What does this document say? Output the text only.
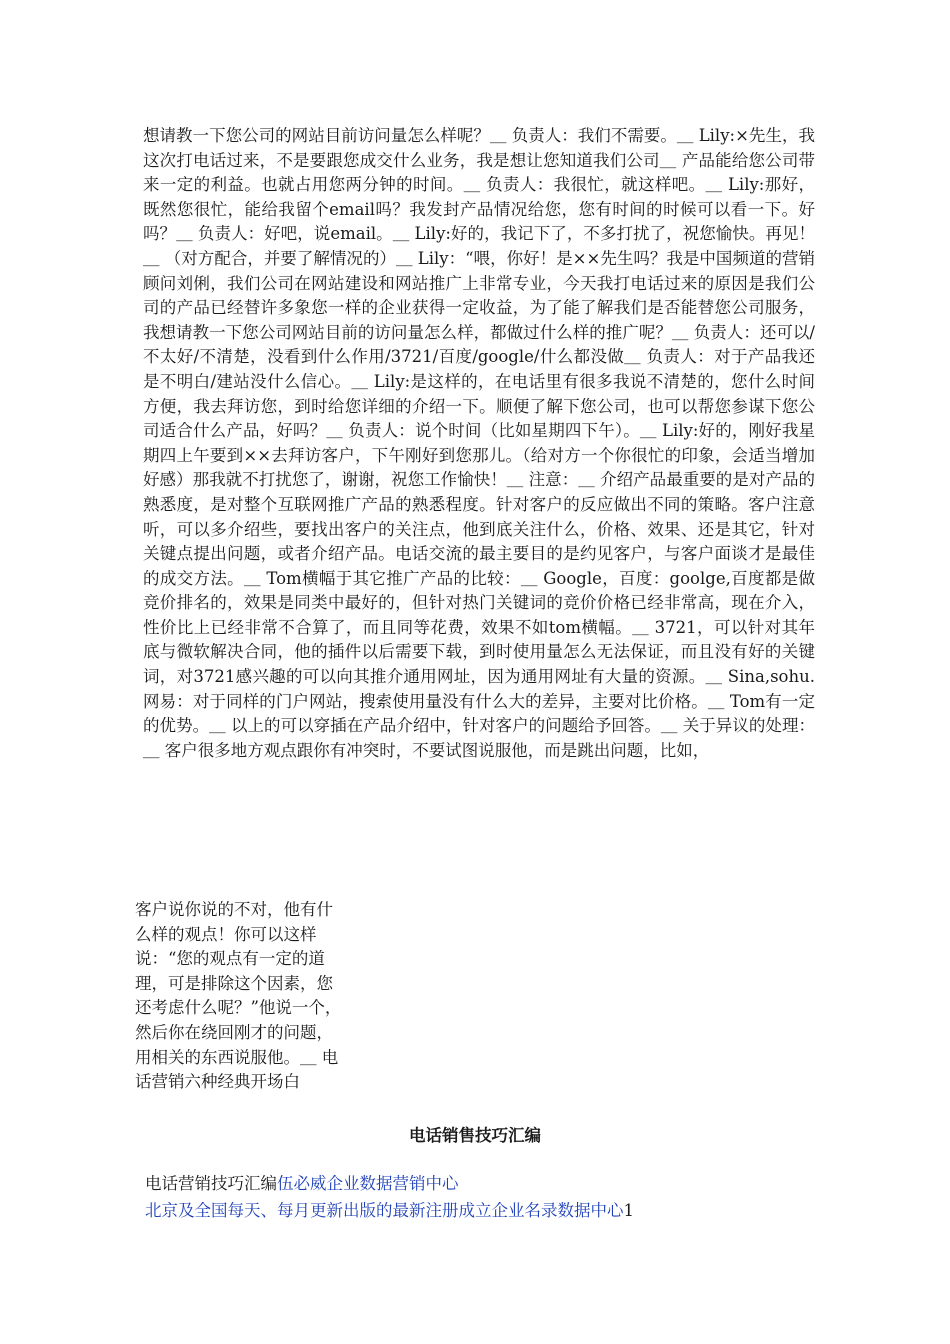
想请教一下您公司的网站目前访问量怎么样呢？＿ 负责人：我们不需要。＿ Lily:×先生，我这次打电话过来，不是要跟您成交什么业务，我是想让您知道我们公司＿ 产品能给您公司带来一定的利益。也就占用您两分钟的时间。＿ 负责人：我很忙，就这样吧。＿ Lily:那好，既然您很忙，能给我留个email吗？我发封产品情况给您，您有时间的时候可以看一下。好吗？＿ 负责人：好吧，说email。＿ Lily:好的，我记下了，不多打扰了，祝您愉快。再见！＿ （对方配合，并要了解情况的）＿ Lily：“喂，你好！是××先生吗？我是中国频道的营销顾问刘俐，我们公司在网站建设和网站推广上非常专业，今天我打电话过来的原因是我们公司的产品已经替许多象您一样的企业获得一定收益，为了能了解我们是否能替您公司服务，我想请教一下您公司网站目前的访问量怎么样，都做过什么样的推广呢？＿ 负责人：还可以/不太好/不清楚，没看到什么作用/3721/百度/google/什么都没做＿ 负责人：对于产品我还是不明白/建站没什么信心。＿ Lily:是这样的，在电话里有很多我说不清楚的，您什么时间方便，我去拜访您，到时给您详细的介绍一下。顺便了解下您公司，也可以帮您参谋下您公司适合什么产品，好吗？＿ 负责人：说个时间（比如星期四下午）。＿ Lily:好的，刚好我星期四上午要到××去拜访客户，下午刚好到您那儿。（给对方一个你很忙的印象，会适当增加好感）那我就不打扰您了，谢谢，祝您工作愉快！＿ 注意：＿ 介绍产品最重要的是对产品的熟悉度，是对整个互联网推广产品的熟悉程度。针对客户的反应做出不同的策略。客户注意听，可以多介绍些，要找出客户的关注点，他到底关注什么，价格、效果、还是其它，针对关键点提出问题，或者介绍产品。电话交流的最主要目的是约见客户，与客户面谈才是最佳的成交方法。＿ Tom横幅于其它推广产品的比较：＿ Google，百度：goolge,百度都是做竞价排名的，效果是同类中最好的，但针对热门关键词的竞价价格已经非常高，现在介入，性价比上已经非常不合算了，而且同等花费，效果不如tom横幅。＿ 3721，可以针对其年底与微软解决合同，他的插件以后需要下载，到时使用量怎么无法保证，而且没有好的关键词，对3721感兴趣的可以向其推介通用网址，因为通用网址有大量的资源。＿ Sina,sohu.网易：对于同样的门户网站，搜索使用量没有什么大的差异，主要对比价格。＿ Tom有一定的优势。＿ 以上的可以穿插在产品介绍中，针对客户的问题给予回答。＿ 关于异议的处理：＿ 客户很多地方观点跟你有冲突时，不要试图说服他，而是跳出问题，比如，

客户说你说的不对，他有什么样的观点！你可以这样说：“您的观点有一定的道理，可是排除这个因素，您还考虑什么呢？”他说一个，然后你在绕回刚才的问题，用相关的东西说服他。＿ 电话营销六种经典开场白

电话销售技巧汇编
电话营销技巧汇编伍必威企业数据营销中心
北京及全国每天、每月更新出版的最新注册成立企业名录数据中心1
